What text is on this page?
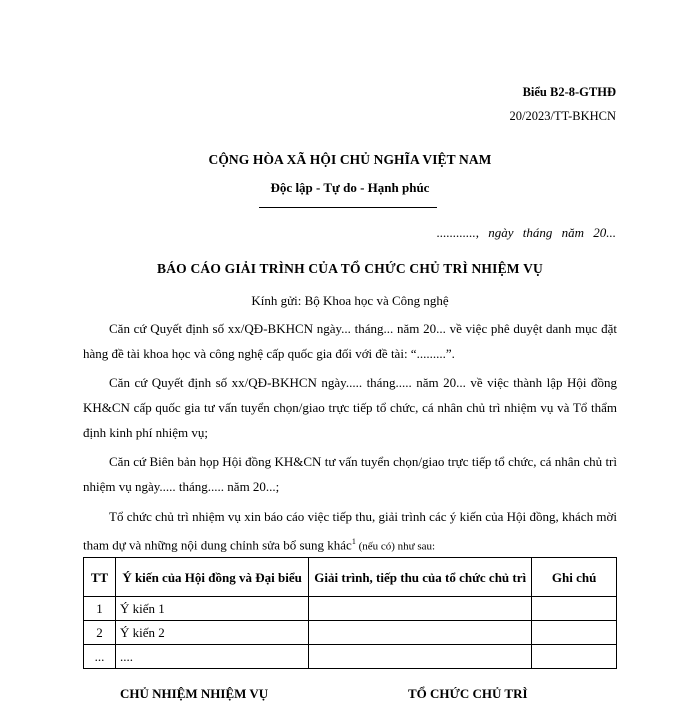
Biểu B2-8-GTHĐ
20/2023/TT-BKHCN
CỘNG HÒA XÃ HỘI CHỦ NGHĨA VIỆT NAM
Độc lập - Tự do - Hạnh phúc
............, ngày tháng năm 20...
BÁO CÁO GIẢI TRÌNH CỦA TỔ CHỨC CHỦ TRÌ NHIỆM VỤ
Kính gửi: Bộ Khoa học và Công nghệ
Căn cứ Quyết định số xx/QĐ-BKHCN ngày... tháng... năm 20... về việc phê duyệt danh mục đặt hàng đề tài khoa học và công nghệ cấp quốc gia đối với đề tài: “.........”.
Căn cứ Quyết định số xx/QĐ-BKHCN ngày..... tháng..... năm 20... về việc thành lập Hội đồng KH&CN cấp quốc gia tư vấn tuyển chọn/giao trực tiếp tổ chức, cá nhân chủ trì nhiệm vụ và Tổ thẩm định kinh phí nhiệm vụ;
Căn cứ Biên bản họp Hội đồng KH&CN tư vấn tuyển chọn/giao trực tiếp tổ chức, cá nhân chủ trì nhiệm vụ ngày..... tháng..... năm 20...;
Tổ chức chủ trì nhiệm vụ xin báo cáo việc tiếp thu, giải trình các ý kiến của Hội đồng, khách mời tham dự và những nội dung chỉnh sửa bổ sung khác$^1$ (nếu có) như sau:
TT	Ý kiến của Hội đồng và Đại biểu	Giải trình, tiếp thu của tổ chức chủ trì	Ghi chú
1	Ý kiến 1		
2	Ý kiến 2		
...	....		
CHỦ NHIỆM NHIỆM VỤ	TỔ CHỨC CHỦ TRÌ
